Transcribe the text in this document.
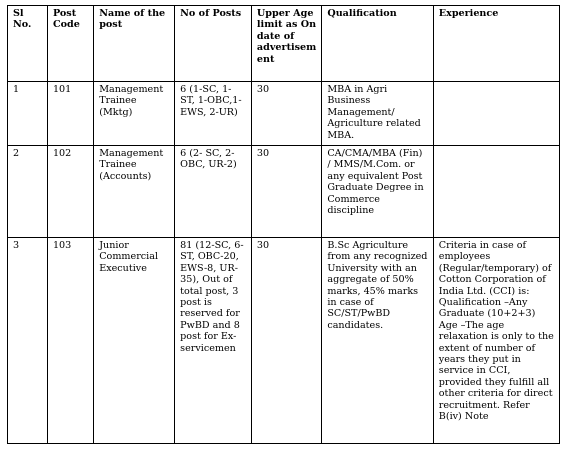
Sl No.	Post Code	Name of the post	No of Posts	Upper Age limit as On date of advertisement	Qualification	Experience
1	101	Management Trainee (Mktg)	6 (1-SC, 1-ST, 1-OBC,1-EWS, 2-UR)	30	MBA in Agri Business Management/ Agriculture related MBA.	
2	102	Management Trainee (Accounts)	6 (2- SC, 2-OBC, UR-2)	30	CA/CMA/MBA (Fin) / MMS/M.Com. or any equivalent Post Graduate Degree in Commerce discipline	
3	103	Junior Commercial Executive	81 (12-SC, 6-ST, OBC-20, EWS-8, UR-35), Out of total post, 3 post is reserved for PwBD and 8 post for Ex-servicemen	30	B.Sc Agriculture from any recognized University with an aggregate of 50% marks, 45% marks in case of SC/ST/PwBD candidates.	Criteria in case of employees (Regular/temporary) of Cotton Corporation of India Ltd. (CCI) is: Qualification –Any Graduate (10+2+3) Age –The age relaxation is only to the extent of number of years they put in service in CCI, provided they fulfill all other criteria for direct recruitment. Refer B(iv) Note
